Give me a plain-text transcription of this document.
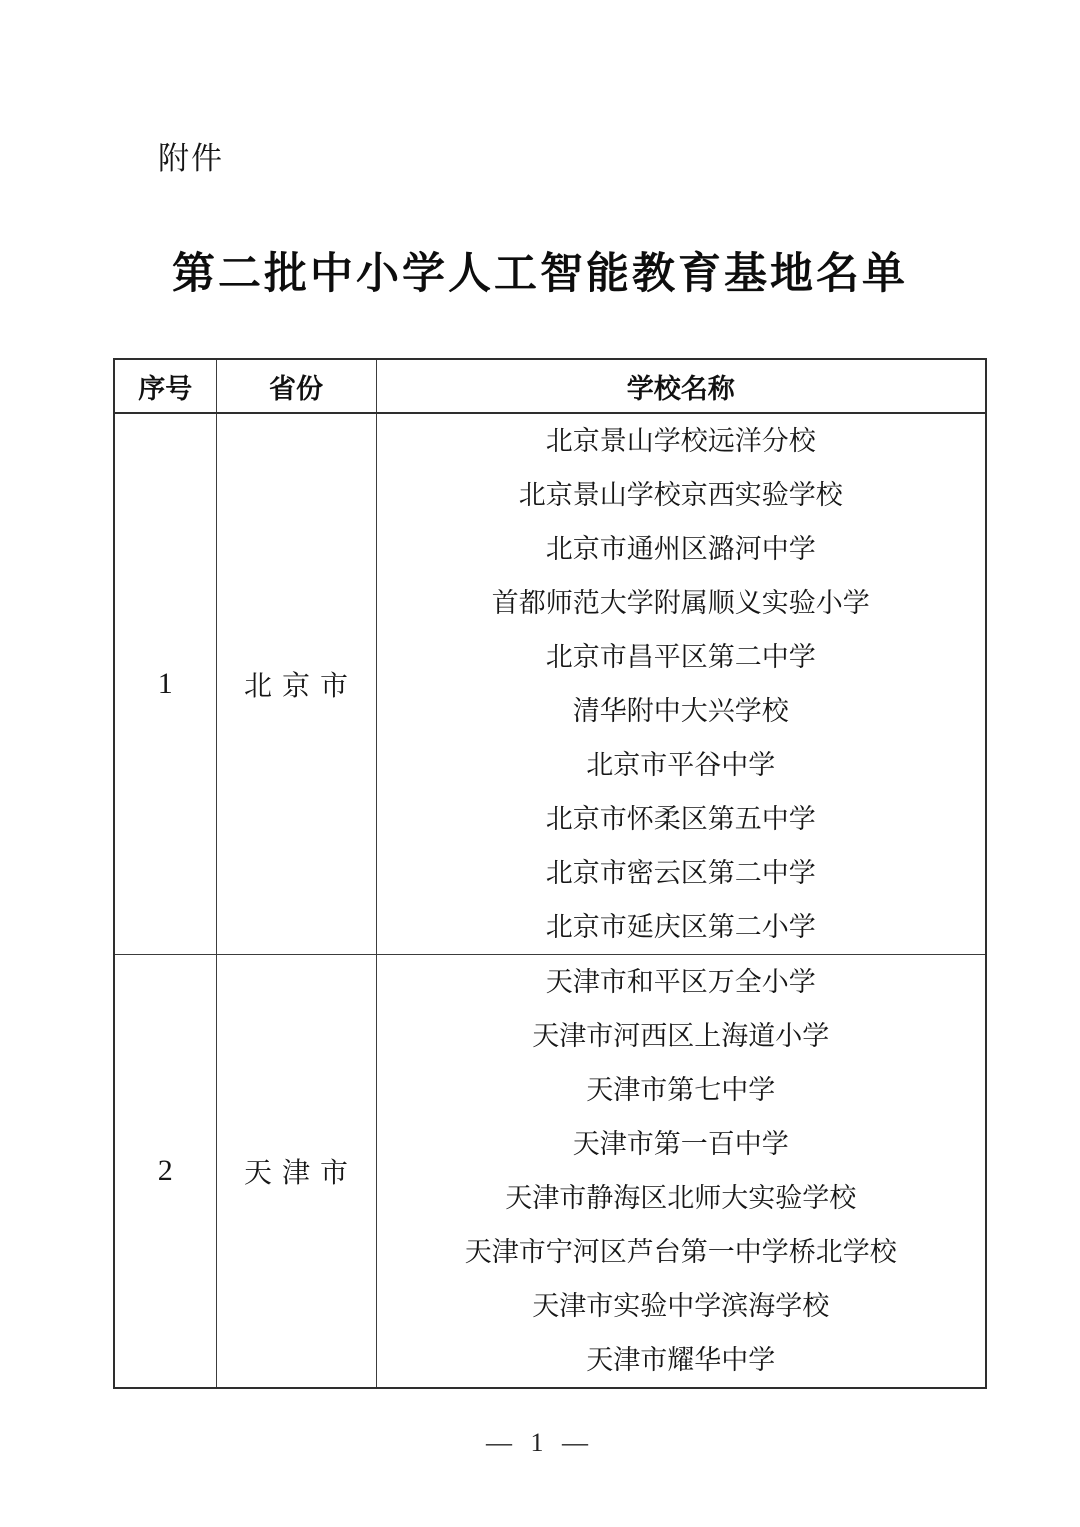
附件
第二批中小学人工智能教育基地名单
序号	省份	学校名称
1	北京市	
北京景山学校远洋分校
北京景山学校京西实验学校
北京市通州区潞河中学
首都师范大学附属顺义实验小学
北京市昌平区第二中学
清华附中大兴学校
北京市平谷中学
北京市怀柔区第五中学
北京市密云区第二中学
北京市延庆区第二小学

2	天津市	
天津市和平区万全小学
天津市河西区上海道小学
天津市第七中学
天津市第一百中学
天津市静海区北师大实验学校
天津市宁河区芦台第一中学桥北学校
天津市实验中学滨海学校
天津市耀华中学
— 1 —
